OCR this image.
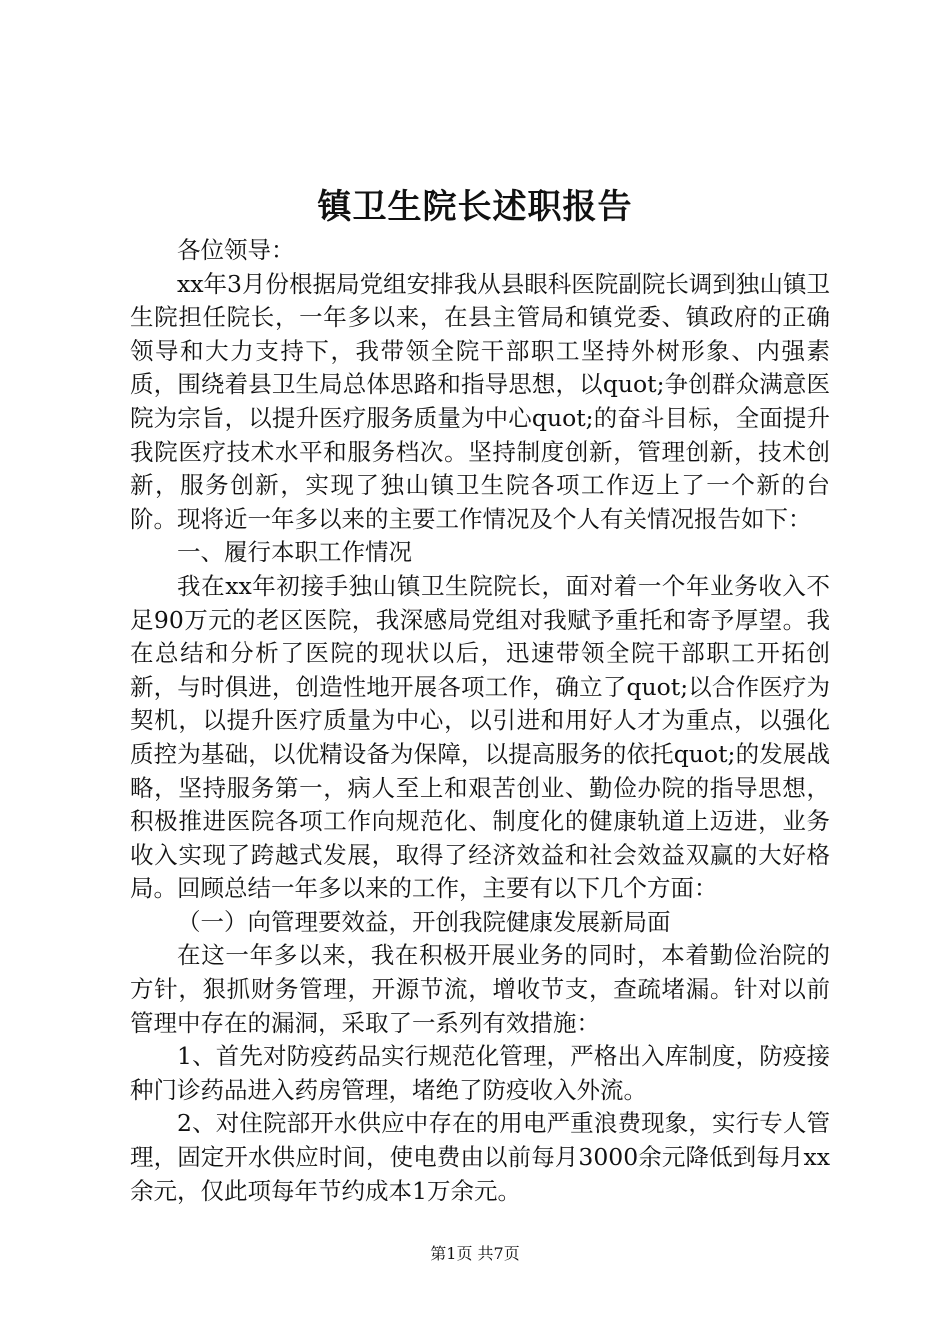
镇卫生院长述职报告

各位领导：

xx年3月份根据局党组安排我从县眼科医院副院长调到独山镇卫生院担任院长，一年多以来，在县主管局和镇党委、镇政府的正确领导和大力支持下，我带领全院干部职工坚持外树形象、内强素质，围绕着县卫生局总体思路和指导思想，以quot;争创群众满意医院为宗旨，以提升医疗服务质量为中心quot;的奋斗目标，全面提升我院医疗技术水平和服务档次。坚持制度创新，管理创新，技术创新，服务创新，实现了独山镇卫生院各项工作迈上了一个新的台阶。现将近一年多以来的主要工作情况及个人有关情况报告如下：

一、履行本职工作情况

我在xx年初接手独山镇卫生院院长，面对着一个年业务收入不足90万元的老区医院，我深感局党组对我赋予重托和寄予厚望。我在总结和分析了医院的现状以后，迅速带领全院干部职工开拓创新，与时俱进，创造性地开展各项工作，确立了quot;以合作医疗为契机，以提升医疗质量为中心，以引进和用好人才为重点，以强化质控为基础，以优精设备为保障，以提高服务的依托quot;的发展战略，坚持服务第一，病人至上和艰苦创业、勤俭办院的指导思想，积极推进医院各项工作向规范化、制度化的健康轨道上迈进，业务收入实现了跨越式发展，取得了经济效益和社会效益双赢的大好格局。回顾总结一年多以来的工作，主要有以下几个方面：

（一）向管理要效益，开创我院健康发展新局面

在这一年多以来，我在积极开展业务的同时，本着勤俭治院的方针，狠抓财务管理，开源节流，增收节支，查疏堵漏。针对以前管理中存在的漏洞，采取了一系列有效措施：

1、首先对防疫药品实行规范化管理，严格出入库制度，防疫接种门诊药品进入药房管理，堵绝了防疫收入外流。

2、对住院部开水供应中存在的用电严重浪费现象，实行专人管理，固定开水供应时间，使电费由以前每月3000余元降低到每月xx余元，仅此项每年节约成本1万余元。

第1页 共7页
